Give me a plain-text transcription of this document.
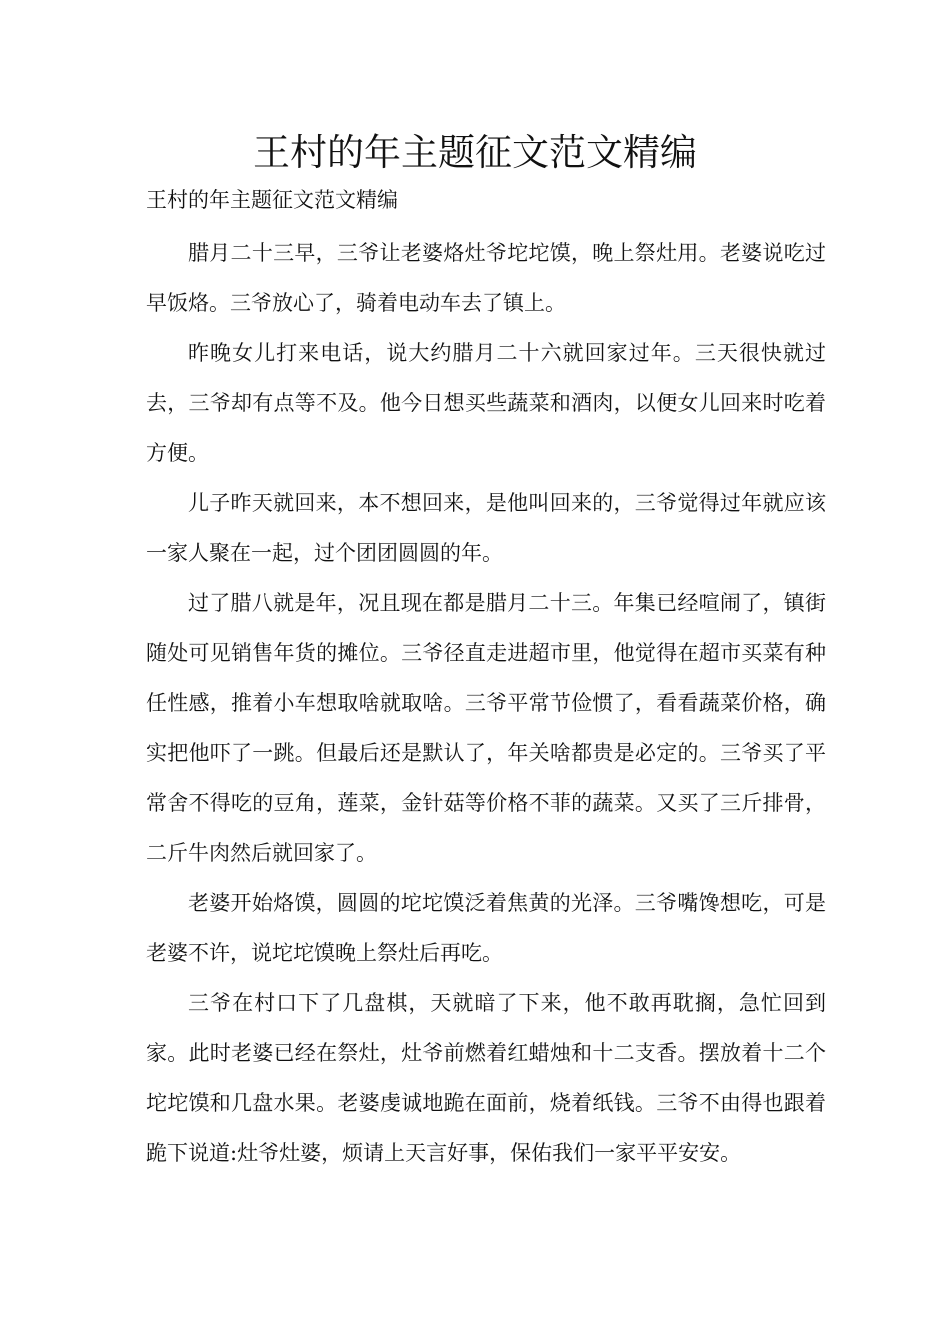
王村的年主题征文范文精编

王村的年主题征文范文精编

腊月二十三早，三爷让老婆烙灶爷坨坨馍，晚上祭灶用。老婆说吃过早饭烙。三爷放心了，骑着电动车去了镇上。

昨晚女儿打来电话，说大约腊月二十六就回家过年。三天很快就过去，三爷却有点等不及。他今日想买些蔬菜和酒肉，以便女儿回来时吃着方便。

儿子昨天就回来，本不想回来，是他叫回来的，三爷觉得过年就应该一家人聚在一起，过个团团圆圆的年。

过了腊八就是年，况且现在都是腊月二十三。年集已经喧闹了，镇街随处可见销售年货的摊位。三爷径直走进超市里，他觉得在超市买菜有种任性感，推着小车想取啥就取啥。三爷平常节俭惯了，看看蔬菜价格，确实把他吓了一跳。但最后还是默认了，年关啥都贵是必定的。三爷买了平常舍不得吃的豆角，莲菜，金针菇等价格不菲的蔬菜。又买了三斤排骨，二斤牛肉然后就回家了。

老婆开始烙馍，圆圆的坨坨馍泛着焦黄的光泽。三爷嘴馋想吃，可是老婆不许，说坨坨馍晚上祭灶后再吃。

三爷在村口下了几盘棋，天就暗了下来，他不敢再耽搁，急忙回到家。此时老婆已经在祭灶，灶爷前燃着红蜡烛和十二支香。摆放着十二个坨坨馍和几盘水果。老婆虔诚地跪在面前，烧着纸钱。三爷不由得也跟着跪下说道:灶爷灶婆，烦请上天言好事，保佑我们一家平平安安。
